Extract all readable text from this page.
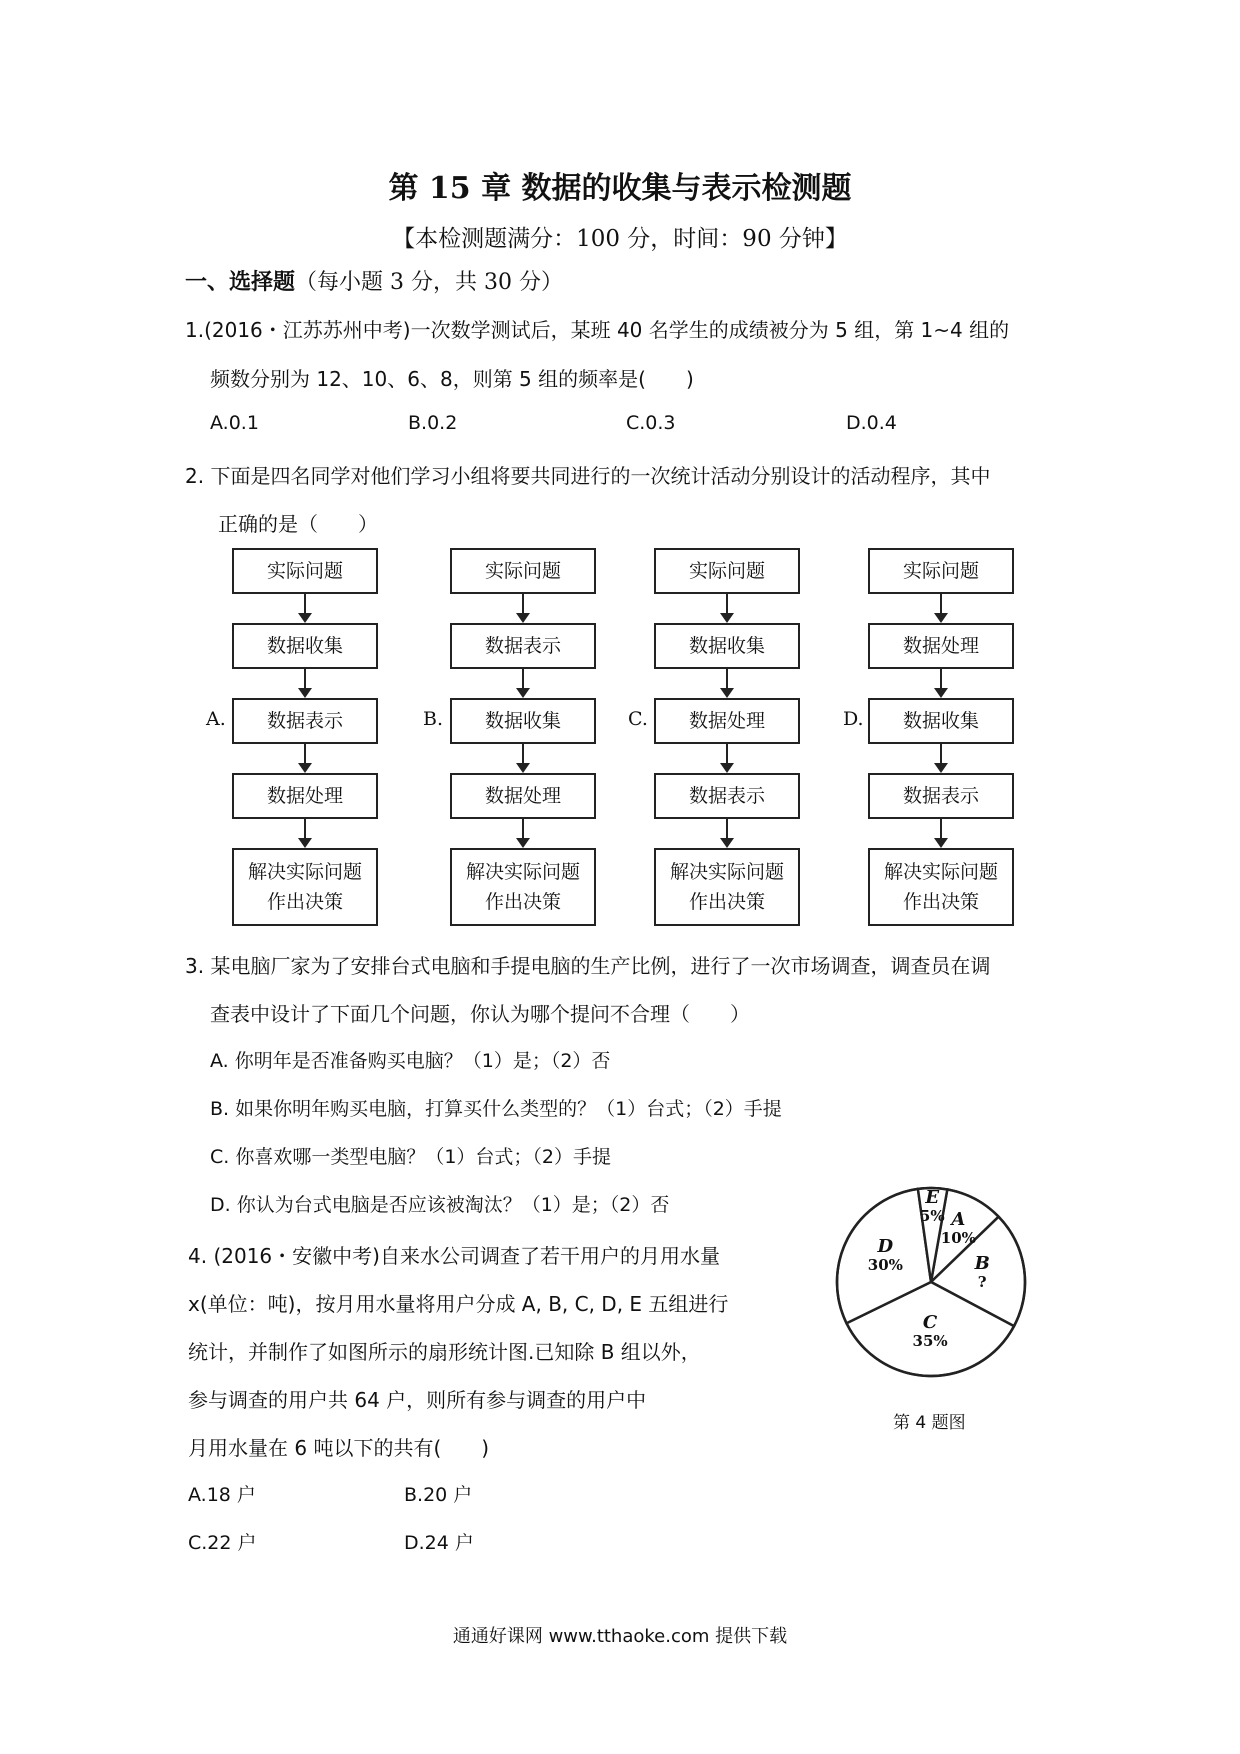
第 15 章 数据的收集与表示检测题
【本检测题满分：100 分，时间：90 分钟】
一、选择题（每小题 3 分，共 30 分）
1.(2016・江苏苏州中考)一次数学测试后，某班 40 名学生的成绩被分为 5 组，第 1~4 组的
频数分别为 12、10、6、8，则第 5 组的频率是(　　)
A.0.1	B.0.2	C.0.3	D.0.4
2. 下面是四名同学对他们学习小组将要共同进行的一次统计活动分别设计的活动程序，其中
正确的是（　　）
实际问题
数据收集
数据表示
数据处理
解决实际问题
作出决策
A.
实际问题
数据表示
数据收集
数据处理
解决实际问题
作出决策
B.
实际问题
数据收集
数据处理
数据表示
解决实际问题
作出决策
C.
实际问题
数据处理
数据收集
数据表示
解决实际问题
作出决策
D.
3. 某电脑厂家为了安排台式电脑和手提电脑的生产比例，进行了一次市场调查，调查员在调
查表中设计了下面几个问题，你认为哪个提问不合理（　　）
A. 你明年是否准备购买电脑？（1）是；（2）否
B. 如果你明年购买电脑，打算买什么类型的？（1）台式；（2）手提
C. 你喜欢哪一类型电脑？（1）台式；（2）手提
D. 你认为台式电脑是否应该被淘汰？（1）是；（2）否
4. (2016・安徽中考)自来水公司调查了若干用户的月用水量
x(单位：吨)，按月用水量将用户分成 A, B, C, D, E 五组进行
统计，并制作了如图所示的扇形统计图.已知除 B 组以外，
参与调查的用户共 64 户，则所有参与调查的用户中
月用水量在 6 吨以下的共有(　　)
A.18 户	B.20 户
C.22 户	D.24 户
A
10%
B
?
C
35%
D
30%
E
5%
第 4 题图
通通好课网 www.tthaoke.com 提供下载
